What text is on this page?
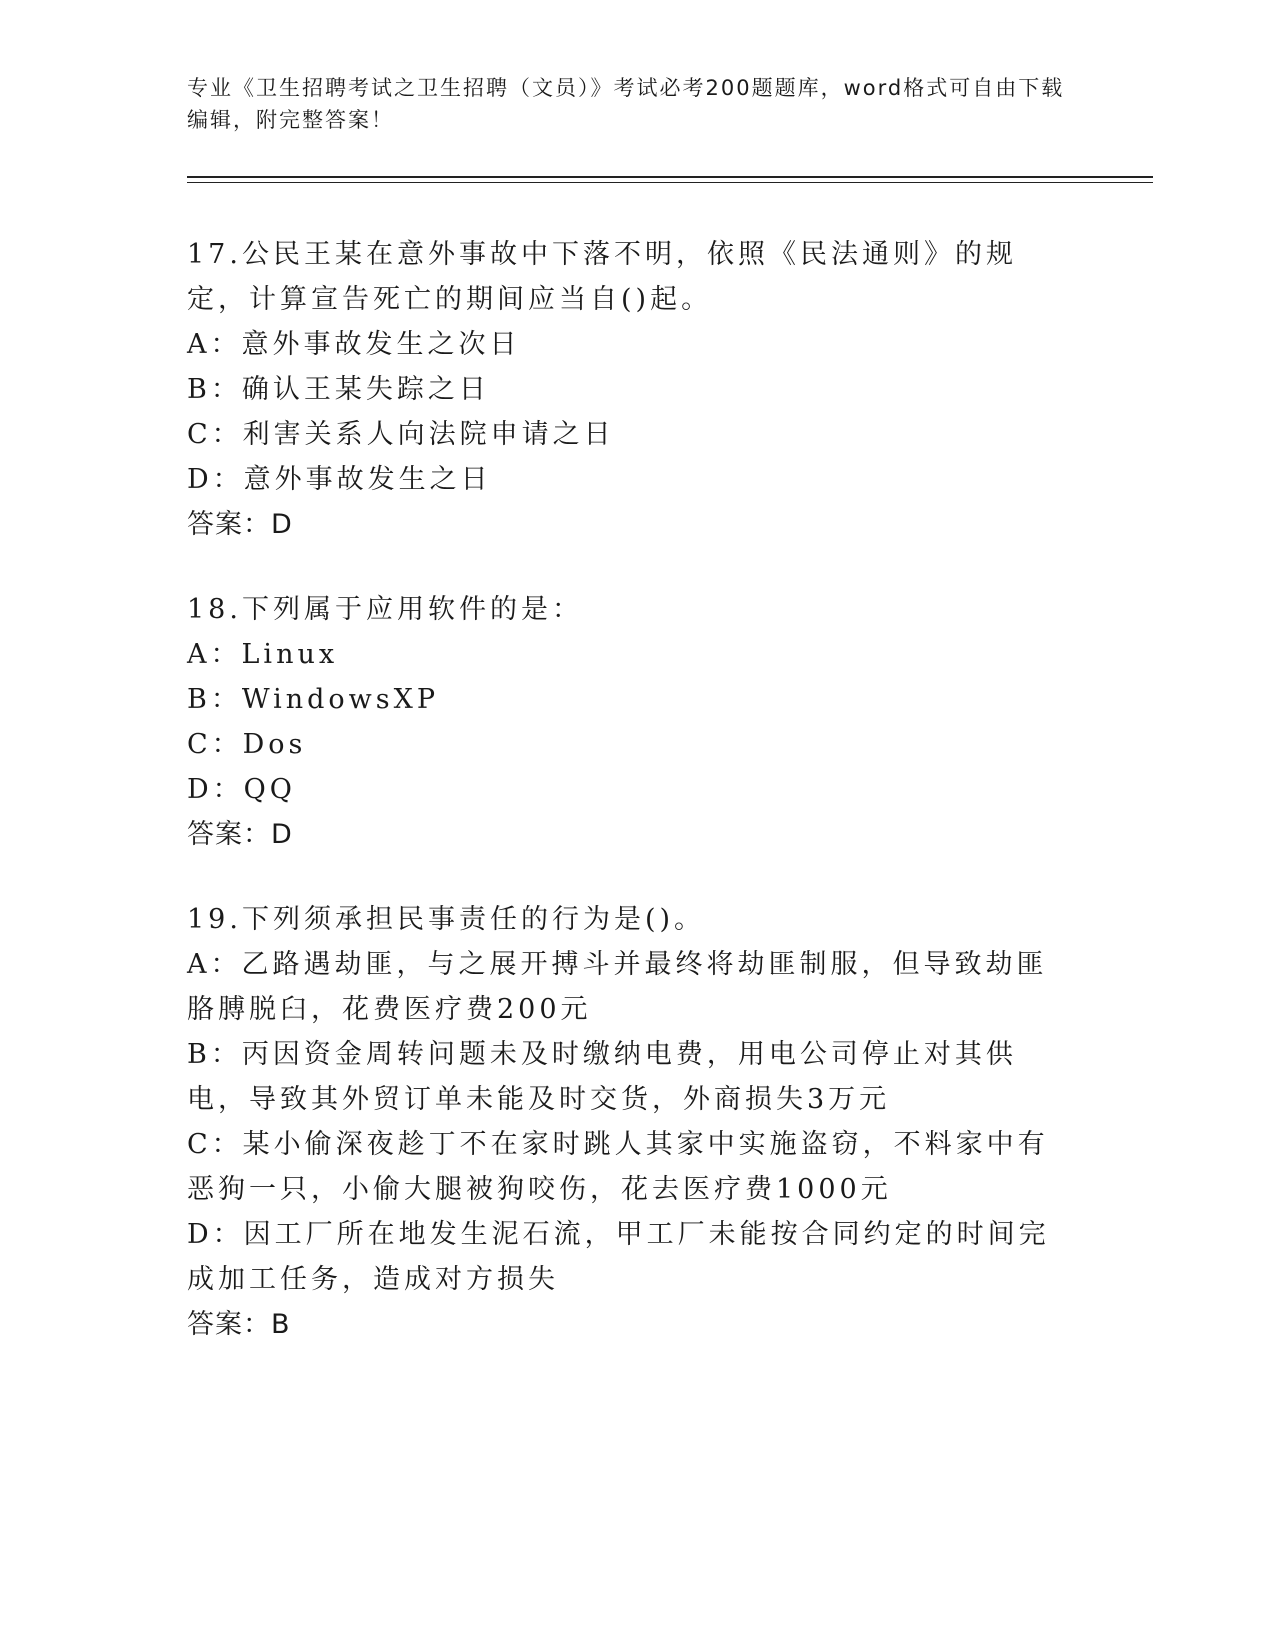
专业《卫生招聘考试之卫生招聘（文员）》考试必考200题题库，word格式可自由下载编辑，附完整答案！

17.公民王某在意外事故中下落不明，依照《民法通则》的规定，计算宣告死亡的期间应当自()起。

A：意外事故发生之次日

B：确认王某失踪之日

C：利害关系人向法院申请之日

D：意外事故发生之日

答案：D

18.下列属于应用软件的是：

A：Linux

B：WindowsXP

C：Dos

D：QQ

答案：D

19.下列须承担民事责任的行为是()。

A：乙路遇劫匪，与之展开搏斗并最终将劫匪制服，但导致劫匪胳膊脱臼，花费医疗费200元

B：丙因资金周转问题未及时缴纳电费，用电公司停止对其供电，导致其外贸订单未能及时交货，外商损失3万元

C：某小偷深夜趁丁不在家时跳人其家中实施盗窃，不料家中有恶狗一只，小偷大腿被狗咬伤，花去医疗费1000元

D：因工厂所在地发生泥石流，甲工厂未能按合同约定的时间完成加工任务，造成对方损失

答案：B
